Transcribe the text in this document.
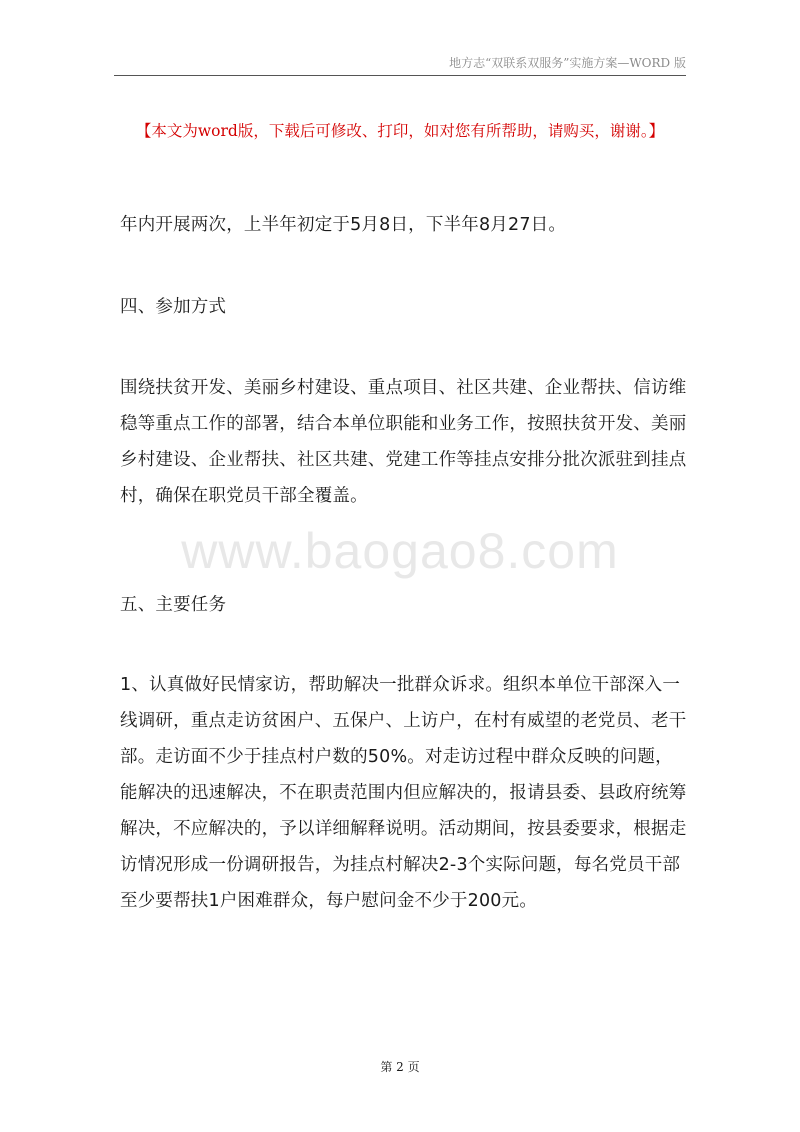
地方志“双联系双服务”实施方案—WORD 版
【本文为word版，下载后可修改、打印，如对您有所帮助，请购买，谢谢。】
www.baogao8.com

年内开展两次，上半年初定于5月8日，下半年8月27日。

四、参加方式

围绕扶贫开发、美丽乡村建设、重点项目、社区共建、企业帮扶、信访维稳等重点工作的部署，结合本单位职能和业务工作，按照扶贫开发、美丽乡村建设、企业帮扶、社区共建、党建工作等挂点安排分批次派驻到挂点村，确保在职党员干部全覆盖。

五、主要任务

1、认真做好民情家访，帮助解决一批群众诉求。组织本单位干部深入一线调研，重点走访贫困户、五保户、上访户，在村有威望的老党员、老干部。走访面不少于挂点村户数的50%。对走访过程中群众反映的问题，能解决的迅速解决，不在职责范围内但应解决的，报请县委、县政府统筹解决，不应解决的，予以详细解释说明。活动期间，按县委要求，根据走访情况形成一份调研报告，为挂点村解决2-3个实际问题，每名党员干部至少要帮扶1户困难群众，每户慰问金不少于200元。

第 2 页
